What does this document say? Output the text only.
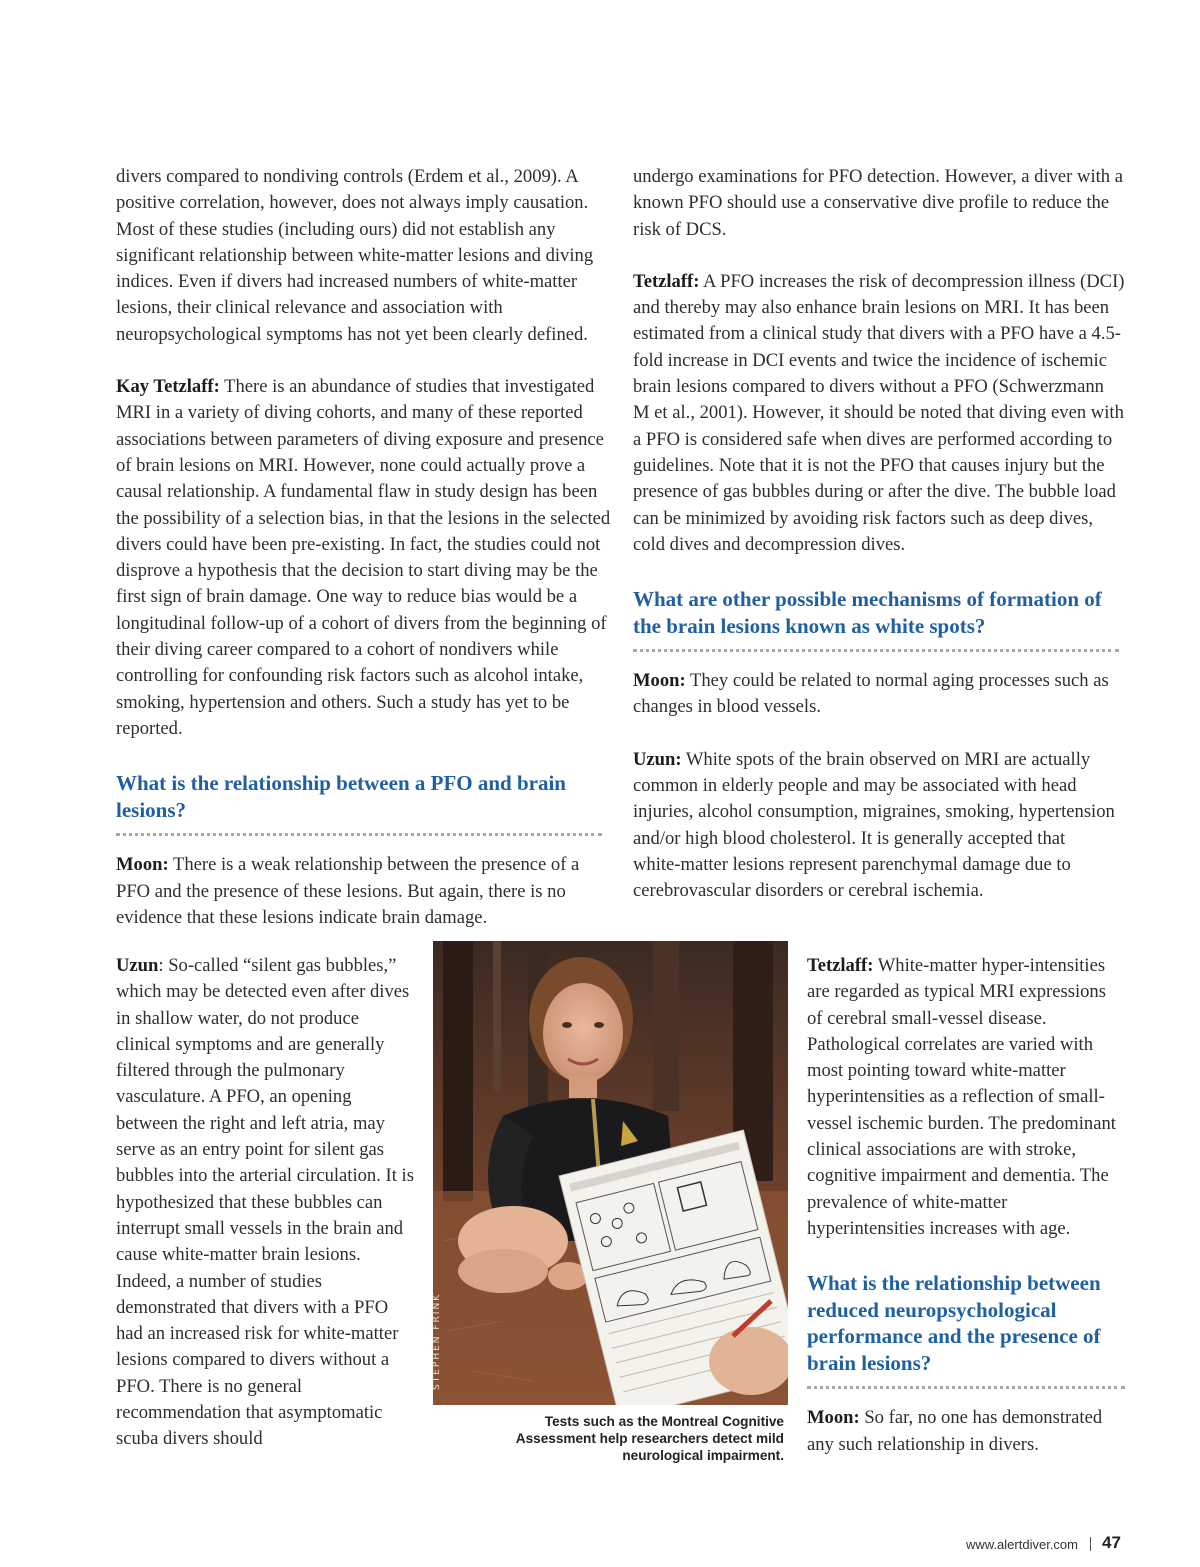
divers compared to nondiving controls (Erdem et al., 2009). A positive correlation, however, does not always imply causation. Most of these studies (including ours) did not establish any significant relationship between white-matter lesions and diving indices. Even if divers had increased numbers of white-matter lesions, their clinical relevance and association with neuropsychological symptoms has not yet been clearly defined.

Kay Tetzlaff: There is an abundance of studies that investigated MRI in a variety of diving cohorts, and many of these reported associations between parameters of diving exposure and presence of brain lesions on MRI. However, none could actually prove a causal relationship. A fundamental flaw in study design has been the possibility of a selection bias, in that the lesions in the selected divers could have been pre-existing. In fact, the studies could not disprove a hypothesis that the decision to start diving may be the first sign of brain damage. One way to reduce bias would be a longitudinal follow-up of a cohort of divers from the beginning of their diving career compared to a cohort of nondivers while controlling for confounding risk factors such as alcohol intake, smoking, hypertension and others. Such a study has yet to be reported.

What is the relationship between a PFO and brain lesions?

Moon: There is a weak relationship between the presence of a PFO and the presence of these lesions. But again, there is no evidence that these lesions indicate brain damage.

Uzun: So-called “silent gas bubbles,” which may be detected even after dives in shallow water, do not produce clinical symptoms and are generally filtered through the pulmonary vasculature. A PFO, an opening between the right and left atria, may serve as an entry point for silent gas bubbles into the arterial circulation. It is hypothesized that these bubbles can interrupt small vessels in the brain and cause white-matter brain lesions. Indeed, a number of studies demonstrated that divers with a PFO had an increased risk for white-matter lesions compared to divers without a PFO. There is no general recommendation that asymptomatic scuba divers should

undergo examinations for PFO detection. However, a diver with a known PFO should use a conservative dive profile to reduce the risk of DCS.

Tetzlaff: A PFO increases the risk of decompression illness (DCI) and thereby may also enhance brain lesions on MRI. It has been estimated from a clinical study that divers with a PFO have a 4.5-fold increase in DCI events and twice the incidence of ischemic brain lesions compared to divers without a PFO (Schwerzmann M et al., 2001). However, it should be noted that diving even with a PFO is considered safe when dives are performed according to guidelines. Note that it is not the PFO that causes injury but the presence of gas bubbles during or after the dive. The bubble load can be minimized by avoiding risk factors such as deep dives, cold dives and decompression dives.

What are other possible mechanisms of formation of the brain lesions known as white spots?

Moon: They could be related to normal aging processes such as changes in blood vessels.

Uzun: White spots of the brain observed on MRI are actually common in elderly people and may be associated with head injuries, alcohol consumption, migraines, smoking, hypertension and/or high blood cholesterol. It is generally accepted that white-matter lesions represent parenchymal damage due to cerebrovascular disorders or cerebral ischemia.

Tetzlaff: White-matter hyper-intensities are regarded as typical MRI expressions of cerebral small-vessel disease. Pathological correlates are varied with most pointing toward white-matter hyperintensities as a reflection of small-vessel ischemic burden. The predominant clinical associations are with stroke, cognitive impairment and dementia. The prevalence of white-matter hyperintensities increases with age.

What is the relationship between reduced neuropsychological performance and the presence of brain lesions?

Moon: So far, no one has demonstrated any such relationship in divers.

STEPHEN FRINK
Tests such as the Montreal Cognitive Assessment help researchers detect mild neurological impairment.
www.alertdiver.com 47
